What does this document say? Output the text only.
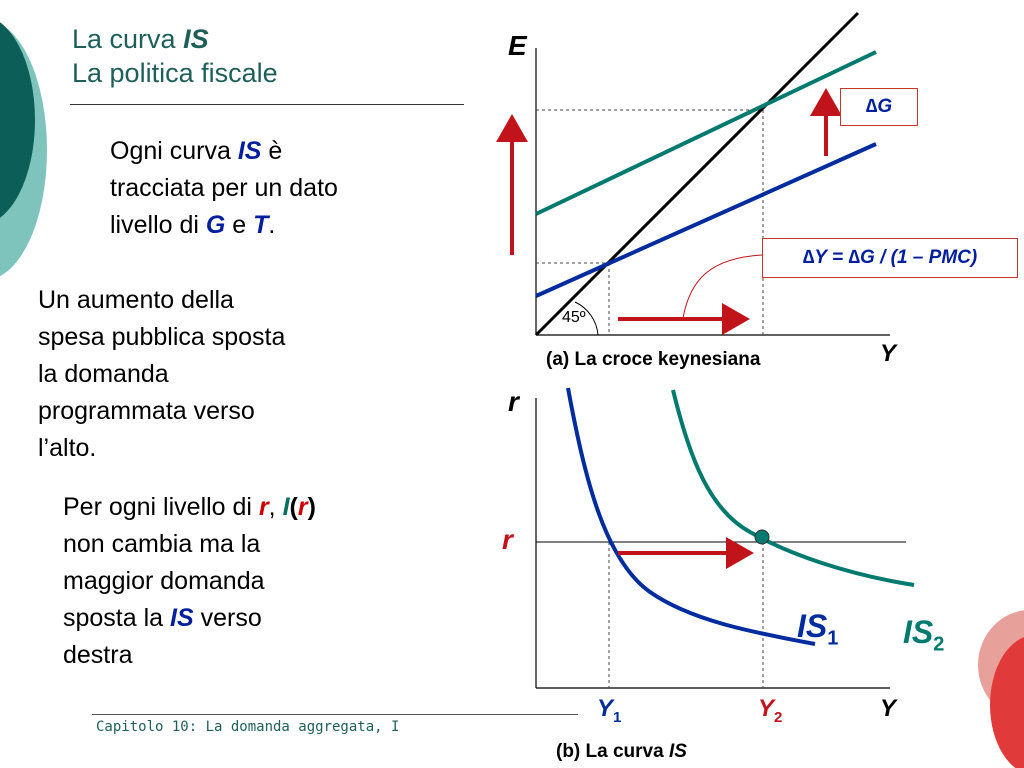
La curva IS
La politica fiscale
Ogni curva IS è
tracciata per un dato
livello di G e T.
Un aumento della
spesa pubblica sposta
la domanda
programmata verso
l’alto.
Per ogni livello di r, I(r)
non cambia ma la
maggior domanda
sposta la IS verso
destra
E
Y
45º
(a) La croce keynesiana
∆G
∆Y = ∆G / (1 – PMC)
r
r
Y
$IS_1$ $IS_2$
$Y_1$	$Y_2$
(b) La curva IS
Capitolo 10: La domanda aggregata, I
